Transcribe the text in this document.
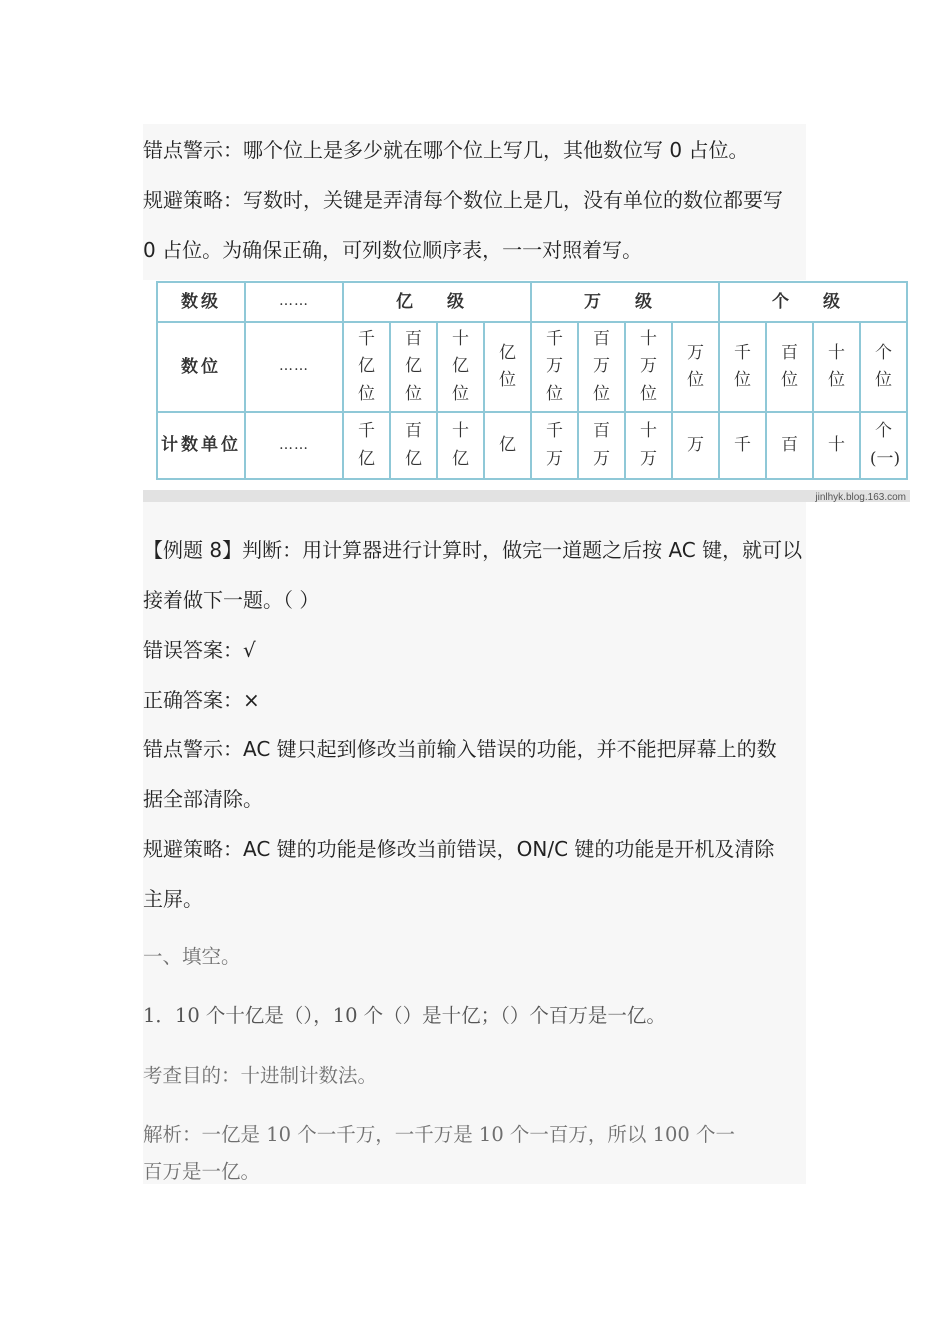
错点警示：哪个位上是多少就在哪个位上写几，其他数位写 0 占位。

规避策略：写数时，关键是弄清每个数位上是几，没有单位的数位都要写

0 占位。为确保正确，可列数位顺序表，一一对照着写。

数级	……	亿 级				万 级				个 级			
数位	……	千亿位	百亿位	十亿位	亿位	千万位	百万位	十万位	万位	千位	百位	十位	个位
计数单位	……	千亿	百亿	十亿	亿	千万	百万	十万	万	千	百	十	个(一)
jinlhyk.blog.163.com

【例题 8】判断：用计算器进行计算时，做完一道题之后按 AC 键，就可以

接着做下一题。（ ）

错误答案：√

正确答案：×

错点警示：AC 键只起到修改当前输入错误的功能，并不能把屏幕上的数

据全部清除。

规避策略：AC 键的功能是修改当前错误，ON/C 键的功能是开机及清除

主屏。

一、填空。

1．10 个十亿是（），10 个（）是十亿；（）个百万是一亿。

考查目的：十进制计数法。

解析：一亿是 10 个一千万，一千万是 10 个一百万，所以 100 个一

百万是一亿。
